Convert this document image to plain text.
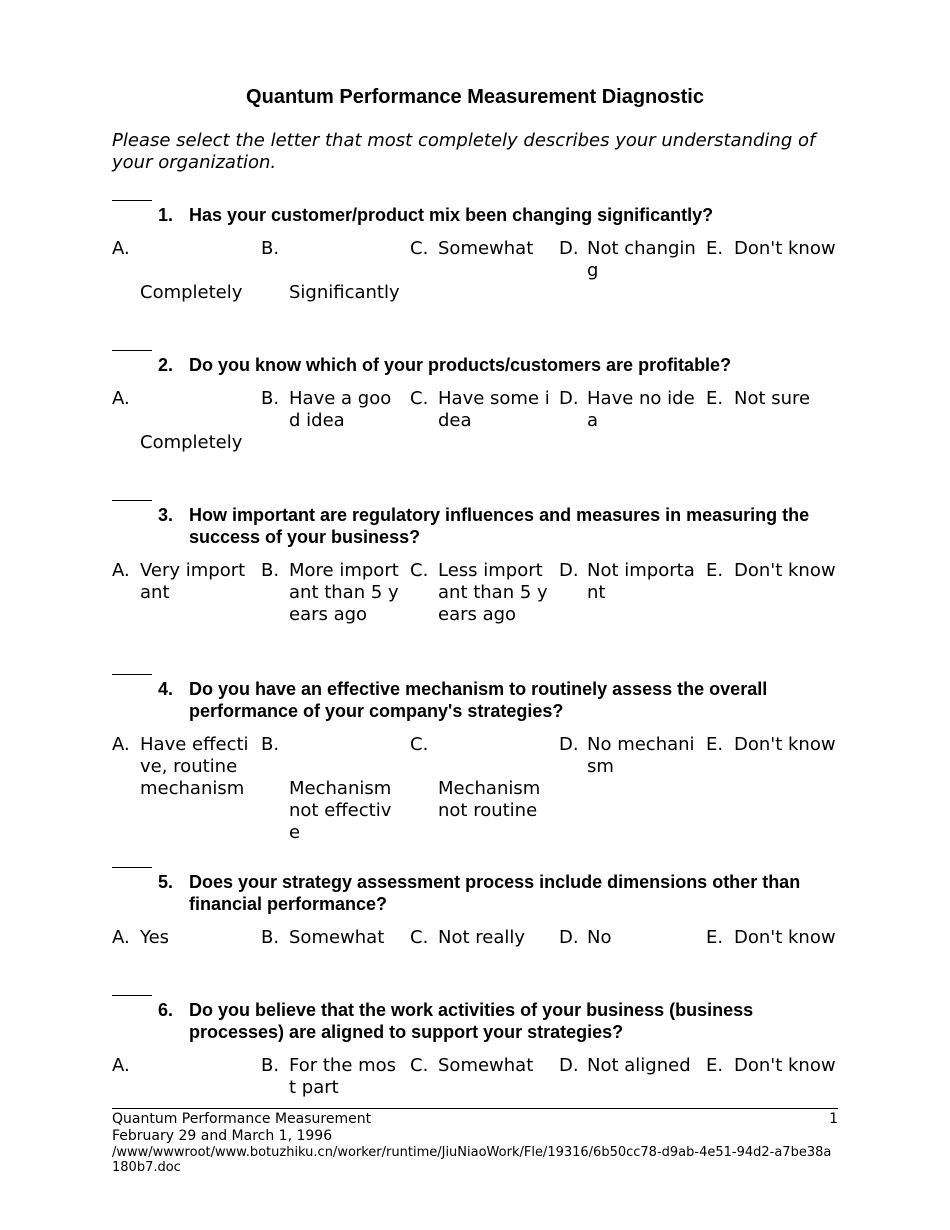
Quantum Performance Measurement Diagnostic
Please select the letter that most completely describes your understanding of your organization.
1. Has your customer/product mix been changing significantly?
A.
Completely
B.
Significantly
C. Somewhat	D. Not changing
E. Don't know
2. Do you know which of your products/customers are profitable?
A.
Completely
B. Have a good idea
C. Have some idea
D. Have no idea
E. Not sure
3. How important are regulatory influences and measures in measuring the success of your business?
A. Very important
B. More important than 5 years ago
C. Less important than 5 years ago
D. Not important
E. Don't know
4. Do you have an effective mechanism to routinely assess the overall performance of your company's strategies?
A. Have effective, routine mechanism
B.
Mechanism not effective
C.
Mechanism not routine
D. No mechanism
E. Don't know
5. Does your strategy assessment process include dimensions other than financial performance?
A. Yes	B. Somewhat	C. Not really	D. No	E. Don't know
6. Do you believe that the work activities of your business (business processes) are aligned to support your strategies?
A.	B. For the most part
C. Somewhat	D. Not aligned E. Don't know
Quantum Performance Measurement	1
February 29 and March 1, 1996
/www/wwwroot/www.botuzhiku.cn/worker/runtime/JiuNiaoWork/Fle/19316/6b50cc78-d9ab-4e51-94d2-a7be38a180b7.doc
